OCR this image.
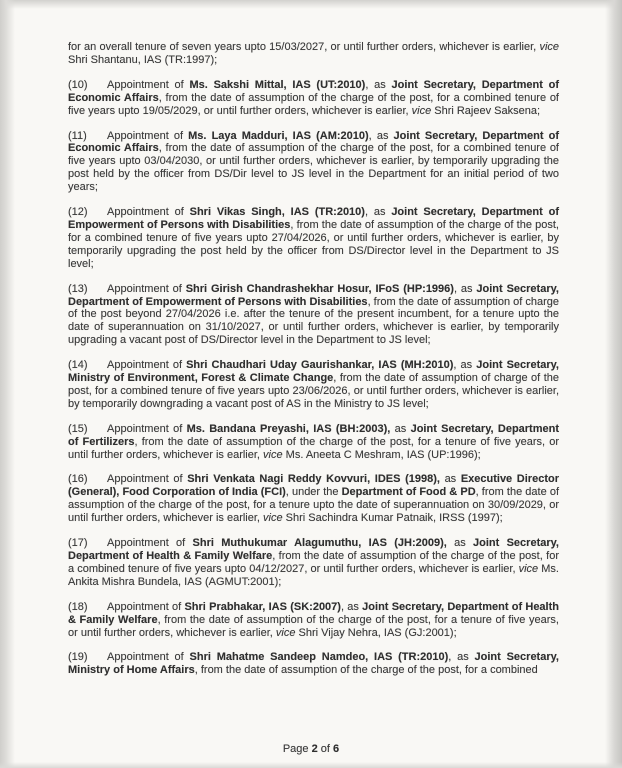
for an overall tenure of seven years upto 15/03/2027, or until further orders, whichever is earlier, vice Shri Shantanu, IAS (TR:1997);
(10) Appointment of Ms. Sakshi Mittal, IAS (UT:2010), as Joint Secretary, Department of Economic Affairs, from the date of assumption of the charge of the post, for a combined tenure of five years upto 19/05/2029, or until further orders, whichever is earlier, vice Shri Rajeev Saksena;
(11) Appointment of Ms. Laya Madduri, IAS (AM:2010), as Joint Secretary, Department of Economic Affairs, from the date of assumption of the charge of the post, for a combined tenure of five years upto 03/04/2030, or until further orders, whichever is earlier, by temporarily upgrading the post held by the officer from DS/Dir level to JS level in the Department for an initial period of two years;
(12) Appointment of Shri Vikas Singh, IAS (TR:2010), as Joint Secretary, Department of Empowerment of Persons with Disabilities, from the date of assumption of the charge of the post, for a combined tenure of five years upto 27/04/2026, or until further orders, whichever is earlier, by temporarily upgrading the post held by the officer from DS/Director level in the Department to JS level;
(13) Appointment of Shri Girish Chandrashekhar Hosur, IFoS (HP:1996), as Joint Secretary, Department of Empowerment of Persons with Disabilities, from the date of assumption of charge of the post beyond 27/04/2026 i.e. after the tenure of the present incumbent, for a tenure upto the date of superannuation on 31/10/2027, or until further orders, whichever is earlier, by temporarily upgrading a vacant post of DS/Director level in the Department to JS level;
(14) Appointment of Shri Chaudhari Uday Gaurishankar, IAS (MH:2010), as Joint Secretary, Ministry of Environment, Forest & Climate Change, from the date of assumption of charge of the post, for a combined tenure of five years upto 23/06/2026, or until further orders, whichever is earlier, by temporarily downgrading a vacant post of AS in the Ministry to JS level;
(15) Appointment of Ms. Bandana Preyashi, IAS (BH:2003), as Joint Secretary, Department of Fertilizers, from the date of assumption of the charge of the post, for a tenure of five years, or until further orders, whichever is earlier, vice Ms. Aneeta C Meshram, IAS (UP:1996);
(16) Appointment of Shri Venkata Nagi Reddy Kovvuri, IDES (1998), as Executive Director (General), Food Corporation of India (FCI), under the Department of Food & PD, from the date of assumption of the charge of the post, for a tenure upto the date of superannuation on 30/09/2029, or until further orders, whichever is earlier, vice Shri Sachindra Kumar Patnaik, IRSS (1997);
(17) Appointment of Shri Muthukumar Alagumuthu, IAS (JH:2009), as Joint Secretary, Department of Health & Family Welfare, from the date of assumption of the charge of the post, for a combined tenure of five years upto 04/12/2027, or until further orders, whichever is earlier, vice Ms. Ankita Mishra Bundela, IAS (AGMUT:2001);
(18) Appointment of Shri Prabhakar, IAS (SK:2007), as Joint Secretary, Department of Health & Family Welfare, from the date of assumption of the charge of the post, for a tenure of five years, or until further orders, whichever is earlier, vice Shri Vijay Nehra, IAS (GJ:2001);
(19) Appointment of Shri Mahatme Sandeep Namdeo, IAS (TR:2010), as Joint Secretary, Ministry of Home Affairs, from the date of assumption of the charge of the post, for a combined
Page 2 of 6
